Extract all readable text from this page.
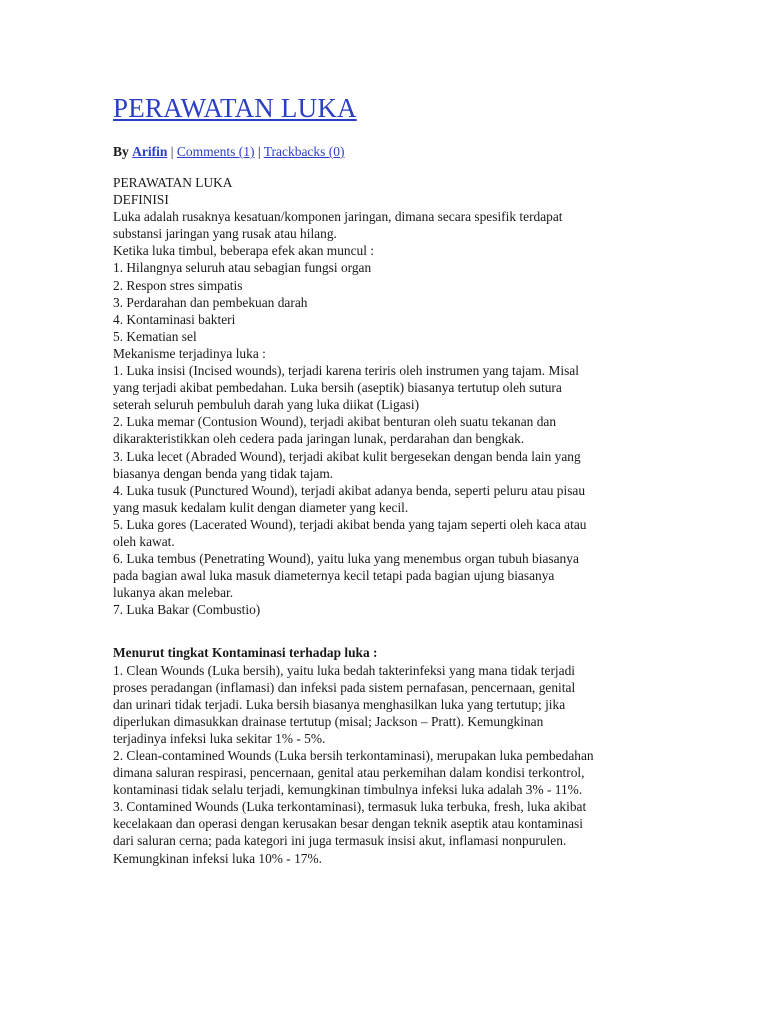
PERAWATAN LUKA
By Arifin | Comments (1) | Trackbacks (0)
PERAWATAN LUKA
DEFINISI
Luka adalah rusaknya kesatuan/komponen jaringan, dimana secara spesifik terdapat
substansi jaringan yang rusak atau hilang.
Ketika luka timbul, beberapa efek akan muncul :
1. Hilangnya seluruh atau sebagian fungsi organ
2. Respon stres simpatis
3. Perdarahan dan pembekuan darah
4. Kontaminasi bakteri
5. Kematian sel
Mekanisme terjadinya luka :
1. Luka insisi (Incised wounds), terjadi karena teriris oleh instrumen yang tajam. Misal
yang terjadi akibat pembedahan. Luka bersih (aseptik) biasanya tertutup oleh sutura
seterah seluruh pembuluh darah yang luka diikat (Ligasi)
2. Luka memar (Contusion Wound), terjadi akibat benturan oleh suatu tekanan dan
dikarakteristikkan oleh cedera pada jaringan lunak, perdarahan dan bengkak.
3. Luka lecet (Abraded Wound), terjadi akibat kulit bergesekan dengan benda lain yang
biasanya dengan benda yang tidak tajam.
4. Luka tusuk (Punctured Wound), terjadi akibat adanya benda, seperti peluru atau pisau
yang masuk kedalam kulit dengan diameter yang kecil.
5. Luka gores (Lacerated Wound), terjadi akibat benda yang tajam seperti oleh kaca atau
oleh kawat.
6. Luka tembus (Penetrating Wound), yaitu luka yang menembus organ tubuh biasanya
pada bagian awal luka masuk diameternya kecil tetapi pada bagian ujung biasanya
lukanya akan melebar.
7. Luka Bakar (Combustio)
Menurut tingkat Kontaminasi terhadap luka :
1. Clean Wounds (Luka bersih), yaitu luka bedah takterinfeksi yang mana tidak terjadi
proses peradangan (inflamasi) dan infeksi pada sistem pernafasan, pencernaan, genital
dan urinari tidak terjadi. Luka bersih biasanya menghasilkan luka yang tertutup; jika
diperlukan dimasukkan drainase tertutup (misal; Jackson – Pratt). Kemungkinan
terjadinya infeksi luka sekitar 1% - 5%.
2. Clean-contamined Wounds (Luka bersih terkontaminasi), merupakan luka pembedahan
dimana saluran respirasi, pencernaan, genital atau perkemihan dalam kondisi terkontrol,
kontaminasi tidak selalu terjadi, kemungkinan timbulnya infeksi luka adalah 3% - 11%.
3. Contamined Wounds (Luka terkontaminasi), termasuk luka terbuka, fresh, luka akibat
kecelakaan dan operasi dengan kerusakan besar dengan teknik aseptik atau kontaminasi
dari saluran cerna; pada kategori ini juga termasuk insisi akut, inflamasi nonpurulen.
Kemungkinan infeksi luka 10% - 17%.
